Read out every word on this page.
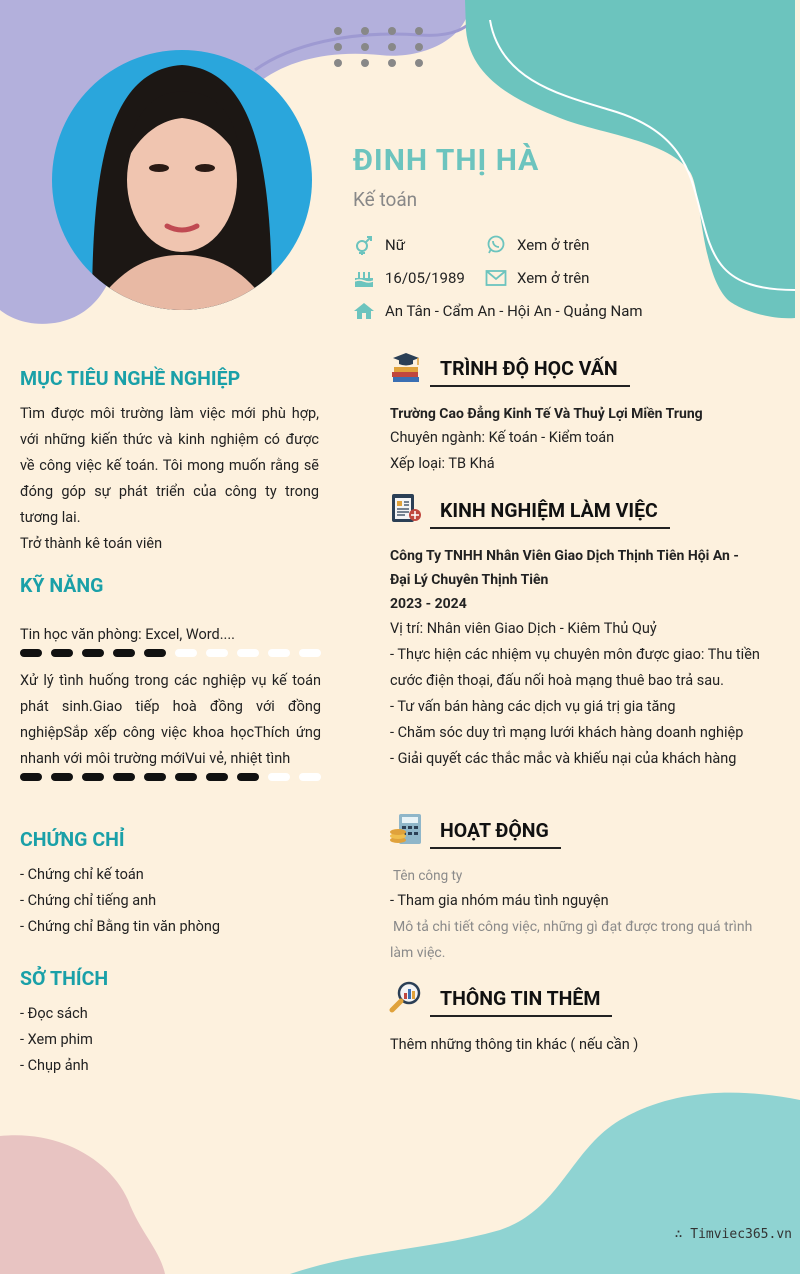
ĐINH THỊ HÀ
Kế toán
Nữ	Xem ở trên
16/05/1989	Xem ở trên
An Tân - Cẩm An - Hội An - Quảng Nam
MỤC TIÊU NGHỀ NGHIỆP
Tìm được môi trường làm việc mới phù hợp, với những kiến thức và kinh nghiệm có được về công việc kế toán. Tôi mong muốn rằng sẽ đóng góp sự phát triển của công ty trong tương lai.
Trở thành kê toán viên
KỸ NĂNG
Tin học văn phòng: Excel, Word....
Xử lý tình huống trong các nghiệp vụ kế toán phát sinh.Giao tiếp hoà đồng với đồng nghiệpSắp xếp công việc khoa họcThích ứng nhanh với môi trường mớiVui vẻ, nhiệt tình
CHỨNG CHỈ
- Chứng chỉ kế toán
- Chứng chỉ tiếng anh
- Chứng chỉ Bằng tin văn phòng
SỞ THÍCH
- Đọc sách
- Xem phim
- Chụp ảnh
TRÌNH ĐỘ HỌC VẤN
Trường Cao Đẳng Kinh Tế Và Thuỷ Lợi Miền Trung
Chuyên ngành: Kế toán - Kiểm toán
Xếp loại: TB Khá
KINH NGHIỆM LÀM VIỆC
Công Ty TNHH Nhân Viên Giao Dịch Thịnh Tiên Hội An -
Đại Lý Chuyên Thịnh Tiên
2023 - 2024
Vị trí: Nhân viên Giao Dịch - Kiêm Thủ Quỷ
- Thực hiện các nhiệm vụ chuyên môn được giao: Thu tiền cước điện thoại, đấu nối hoà mạng thuê bao trả sau.
- Tư vấn bán hàng các dịch vụ giá trị gia tăng
- Chăm sóc duy trì mạng lưới khách hàng doanh nghiệp
- Giải quyết các thắc mắc và khiếu nại của khách hàng
HOẠT ĐỘNG
Tên công ty
- Tham gia nhóm máu tình nguyện
Mô tả chi tiết công việc, những gì đạt được trong quá trình làm việc.
THÔNG TIN THÊM
Thêm những thông tin khác ( nếu cần )
∴ Timviec365.vn
